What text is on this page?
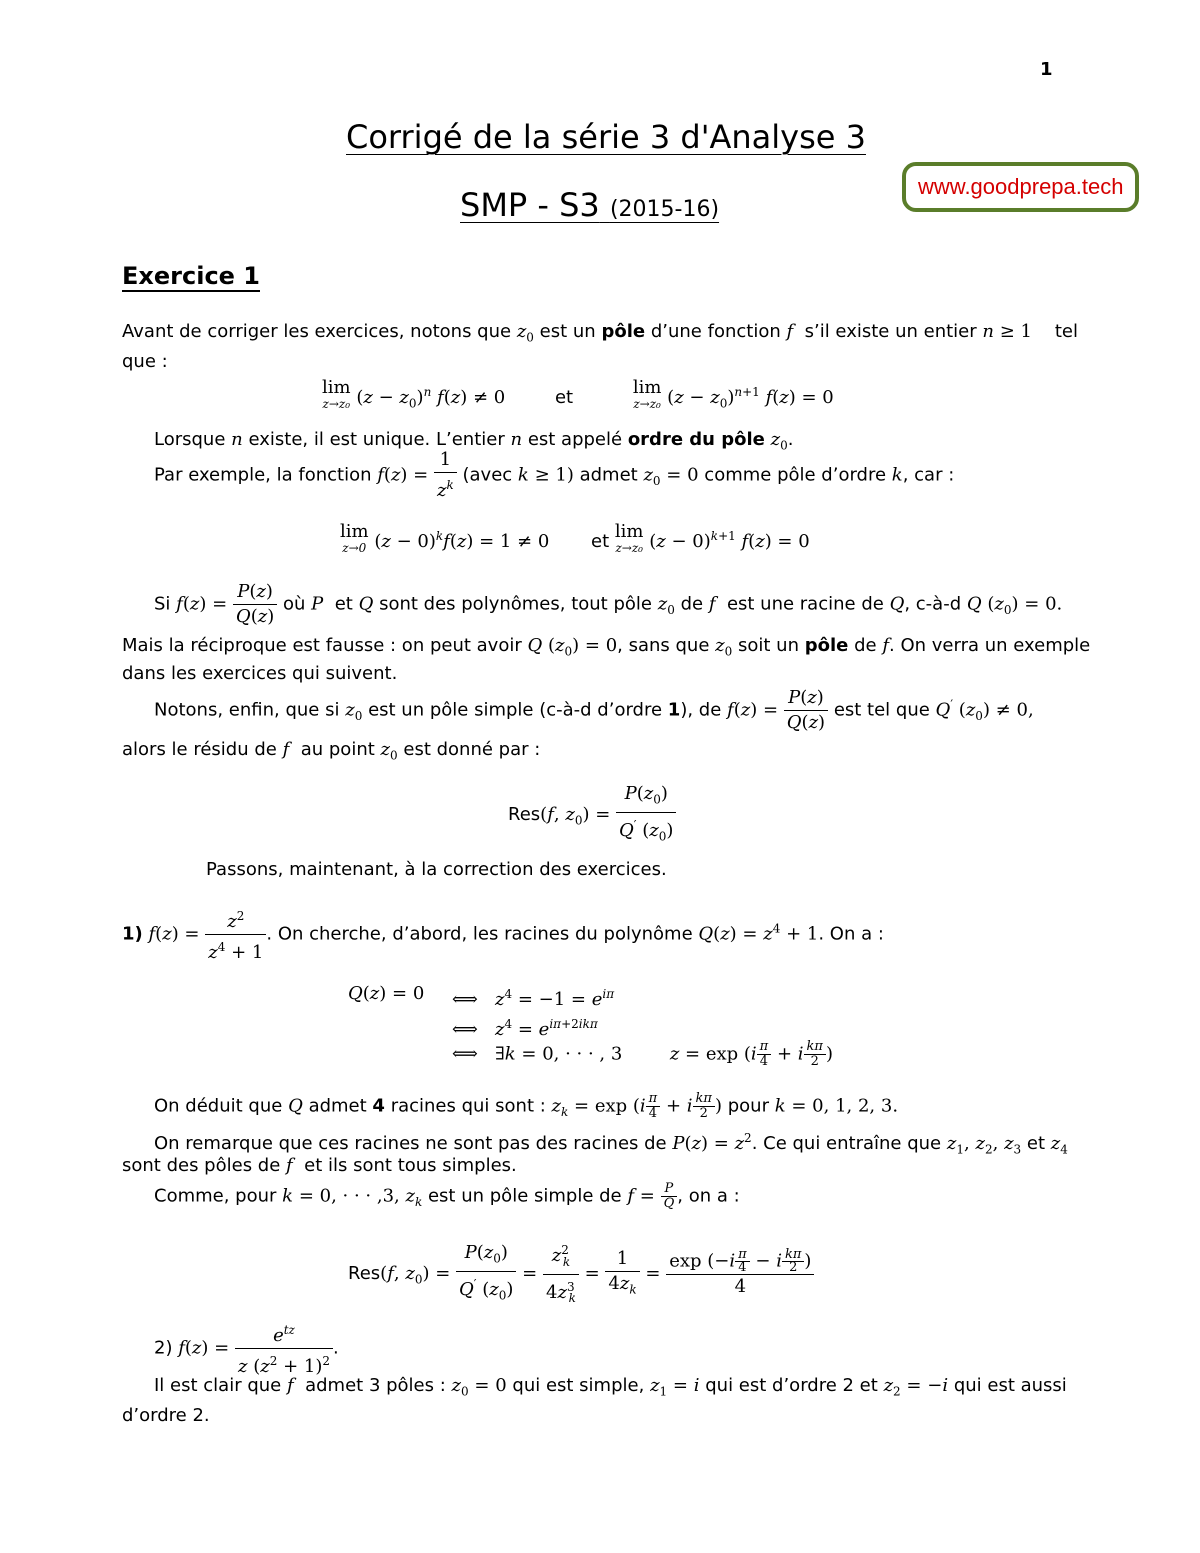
1
Corrigé de la série 3 d'Analyse 3
SMP - S3 (2015-16)
www.goodprepa.tech
Exercice 1
Avant de corriger les exercices, notons que $z_0$ est un pôle d’une fonction f s’il existe un entier n ≥ 1 tel
que :
lim
z→z₀ $(z - z_0)^n$ f(z) ≠ 0	et	lim
z→z₀ $(z - z_0)^{n+1}$ f(z) = 0
Lorsque n existe, il est unique. L’entier n est appelé ordre du pôle $z_0$.
Par exemple, la fonction $f(z) = \frac{1}{z^k}$ (avec k ≥ 1) admet $z_0 = 0$ comme pôle d’ordre k, car :
lim
z→0 $(z - 0)^kf(z) = 1 \ne 0$ et lim
z→z₀ $(z - 0)^{k+1}$ f(z) = 0
Si $f(z) = \frac{P(z)}{Q(z)}$ où P et Q sont des polynômes, tout pôle $z_0$ de f est une racine de Q, c-à-d Q $(z_0) = 0$.
Mais la réciproque est fausse : on peut avoir Q $(z_0) = 0$, sans que $z_0$ soit un pôle de f. On verra un exemple
dans les exercices qui suivent.
Notons, enfin, que si $z_0$ est un pôle simple (c-à-d d’ordre 1), de $f(z) = \frac{P(z)}{Q(z)}$ est tel que Q′ $(z_0) \ne 0$,
alors le résidu de f au point $z_0$ est donné par :
Res(f, $z_0) = \frac{P(z_0)}{Q' (z_0)}$
Passons, maintenant, à la correction des exercices.
1) $f(z) = \frac{z^2}{z^4 + 1}$ . On cherche, d’abord, les racines du polynôme $Q(z) = z^4 + 1$. On a :
Q(z) = 0 ⟺ $z^4 = -1 = e^{i\pi}$
⟺ $z^4 = e^{i\pi+2ik\pi}$
⟺ ∃k = 0, · · · , 3	$z = \exp (i \frac{\pi}{4} + i \frac{k\pi}{2}$ )
On déduit que Q admet 4 racines qui sont : $z_k = \exp (i \frac{\pi}{4} + i \frac{k\pi}{2}$ ) pour k = 0, 1, 2, 3.
On remarque que ces racines ne sont pas des racines de $P(z) = z^2$. Ce qui entraîne que $z_1$, $z_2$, $z_3$ et $z_4$
sont des pôles de f et ils sont tous simples.
Comme, pour k = 0, · · · ,3, $z_k$ est un pôle simple de $f = \frac{P}{Q}$ , on a :
Res(f, $z_0) = \frac{P(z_0)}{Q' (z_0)} = \frac{z^2_k}{4z^3_k} = \frac{1}{4z_k} = \frac{\exp (-i \frac{\pi}{4} - i \frac{k\pi}{2} )}{4}$
2) $f(z) = \frac{e^{tz}}{z (z^2 + 1)^2}$ .
Il est clair que f admet 3 pôles : $z_0 = 0$ qui est simple, $z_1 = i$ qui est d’ordre 2 et $z_2 = -i$ qui est aussi
d’ordre 2.
